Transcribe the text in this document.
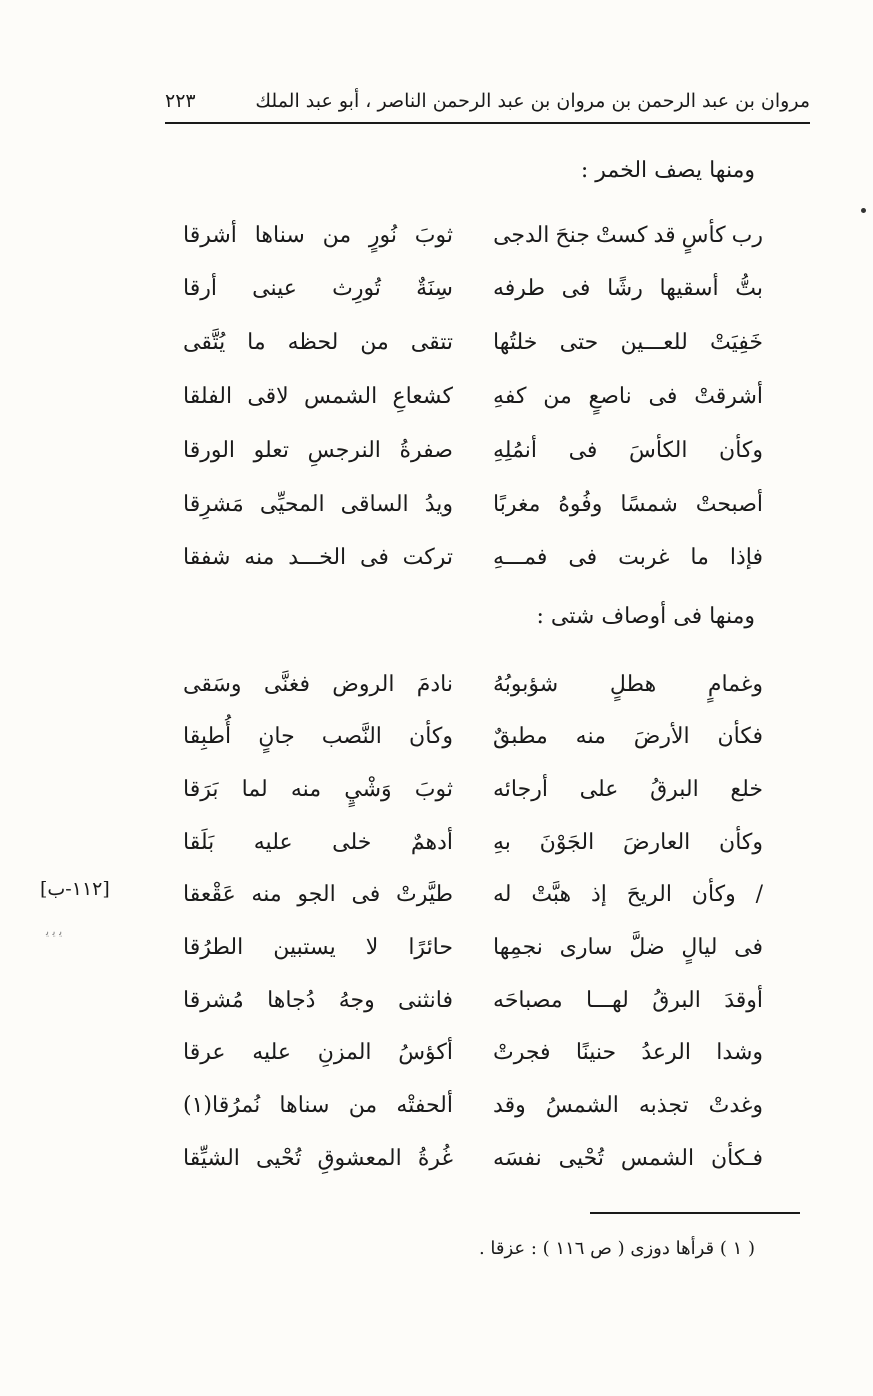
مروان بن عبد الرحمن بن مروان بن عبد الرحمن الناصر ، أبو عبد الملك
٢٢٣
ومنها يصف الخمر :
رب
كأسٍ
قد
كستْ
جنحَ
الدجى
ثوبَ
نُورٍ
من
سناها
أشرقا
بتُّ
أسقيها
رشًا
فى
طرفه
سِنَةٌ
تُورِث
عينى
أرقا
خَفِيَتْ
للعـــين
حتى
خلتُها
تتقى
من
لحظه
ما
يُتَّقى
أشرقتْ
فى
ناصعٍ
من
كفهِ
كشعاعِ
الشمس
لاقى
الفلقا
وكأن
الكأسَ
فى
أنمُلِهِ
صفرةُ
النرجسِ
تعلو
الورقا
أصبحتْ
شمسًا
وفُوهُ
مغربًا
ويدُ
الساقى
المحيِّى
مَشرِقا
فإذا
ما
غربت
فى
فمـــهِ
تركت
فى
الخـــد
منه
شفقا
ومنها فى أوصاف شتى :
وغمامٍ
هطلٍ
شؤبوبُهُ
نادمَ
الروض
فغنَّى
وسَقى
فكأن
الأرضَ
منه
مطبقٌ
وكأن
النَّصب
جانٍ
أُطبِقا
خلع
البرقُ
على
أرجائه
ثوبَ
وَشْيٍ
منه
لما
بَرَقا
وكأن
العارضَ
الجَوْنَ
بهِ
أدهمٌ
خلى
عليه
بَلَقا
/
وكأن
الريحَ
إذ
هبَّتْ
له
طيَّرتْ
فى
الجو
منه
عَقْعقا
فى
ليالٍ
ضلَّ
سارى
نجمِها
حائرًا
لا
يستبين
الطرُقا
أوقدَ
البرقُ
لهـــا
مصباحَه
فانثنى
وجهُ
دُجاها
مُشرقا
وشدا
الرعدُ
حنينًا
فجرتْ
أكؤسُ
المزنِ
عليه
عرقا
وغدتْ
تجذبه
الشمسُ
وقد
ألحفتْه
من
سناها
نُمرُقا(١)
فـكأن
الشمس
تُحْيى
نفسَه
غُرةُ
المعشوقِ
تُحْيى
الشيِّقا
[١١٢-ب]
ﯾ ﯾ ﯾ
( ١ ) قرأها دوزى ( ص ١١٦ ) : عزقا .
